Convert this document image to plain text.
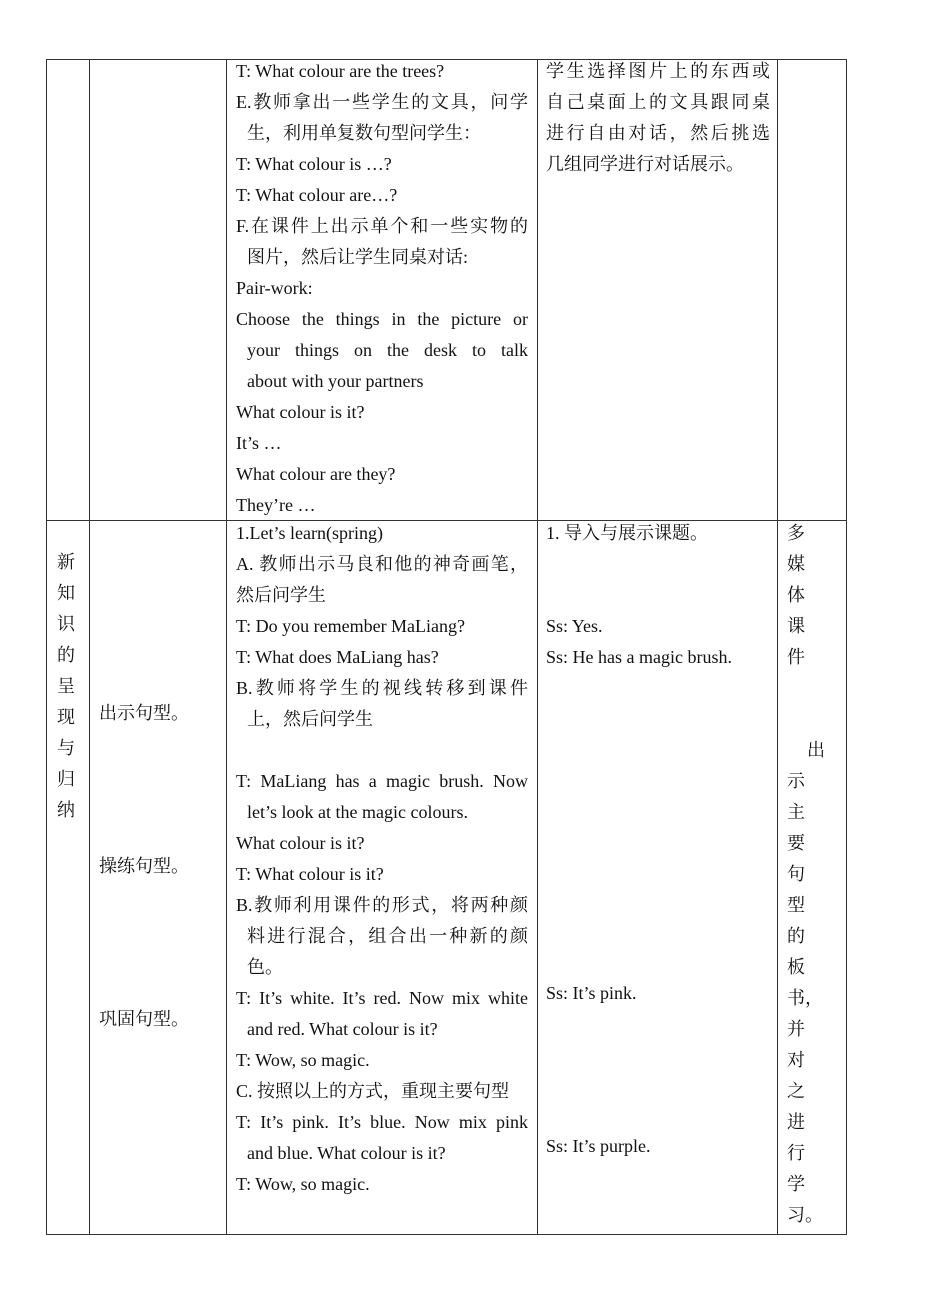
T: What colour are the trees?

E.教师拿出一些学生的文具，问学

生，利用单复数句型问学生：

T: What colour is …?

T: What colour are…?

F.在课件上出示单个和一些实物的

图片，然后让学生同桌对话:

Pair-work:

Choose the things in the picture or

your things on the desk to talk

about with your partners

What colour is it?

It’s …

What colour are they?

They’re …

学生选择图片上的东西或

自己桌面上的文具跟同桌

进行自由对话，然后挑选

几组同学进行对话展示。

新
知
识
的
呈
现
与
归
纳

出示句型。

操练句型。

巩固句型。

1.Let’s learn(spring)

A. 教师出示马良和他的神奇画笔，

然后问学生

T: Do you remember MaLiang?

T: What does MaLiang has?

B.教师将学生的视线转移到课件

上，然后问学生

T: MaLiang has a magic brush. Now

let’s look at the magic colours.

What colour is it?

T: What colour is it?

B.教师利用课件的形式，将两种颜

料进行混合，组合出一种新的颜

色。

T: It’s white. It’s red. Now mix white

and red. What colour is it?

T: Wow, so magic.

C. 按照以上的方式，重现主要句型

T: It’s pink. It’s blue. Now mix pink

and blue. What colour is it?

T: Wow, so magic.

1. 导入与展示课题。

Ss: Yes.

Ss: He has a magic brush.

Ss: It’s pink.

Ss: It’s purple.

多　媒
体　课
件
出
示　主
要　句
型　的
板书，
并　对
之　进
行　学
习。
